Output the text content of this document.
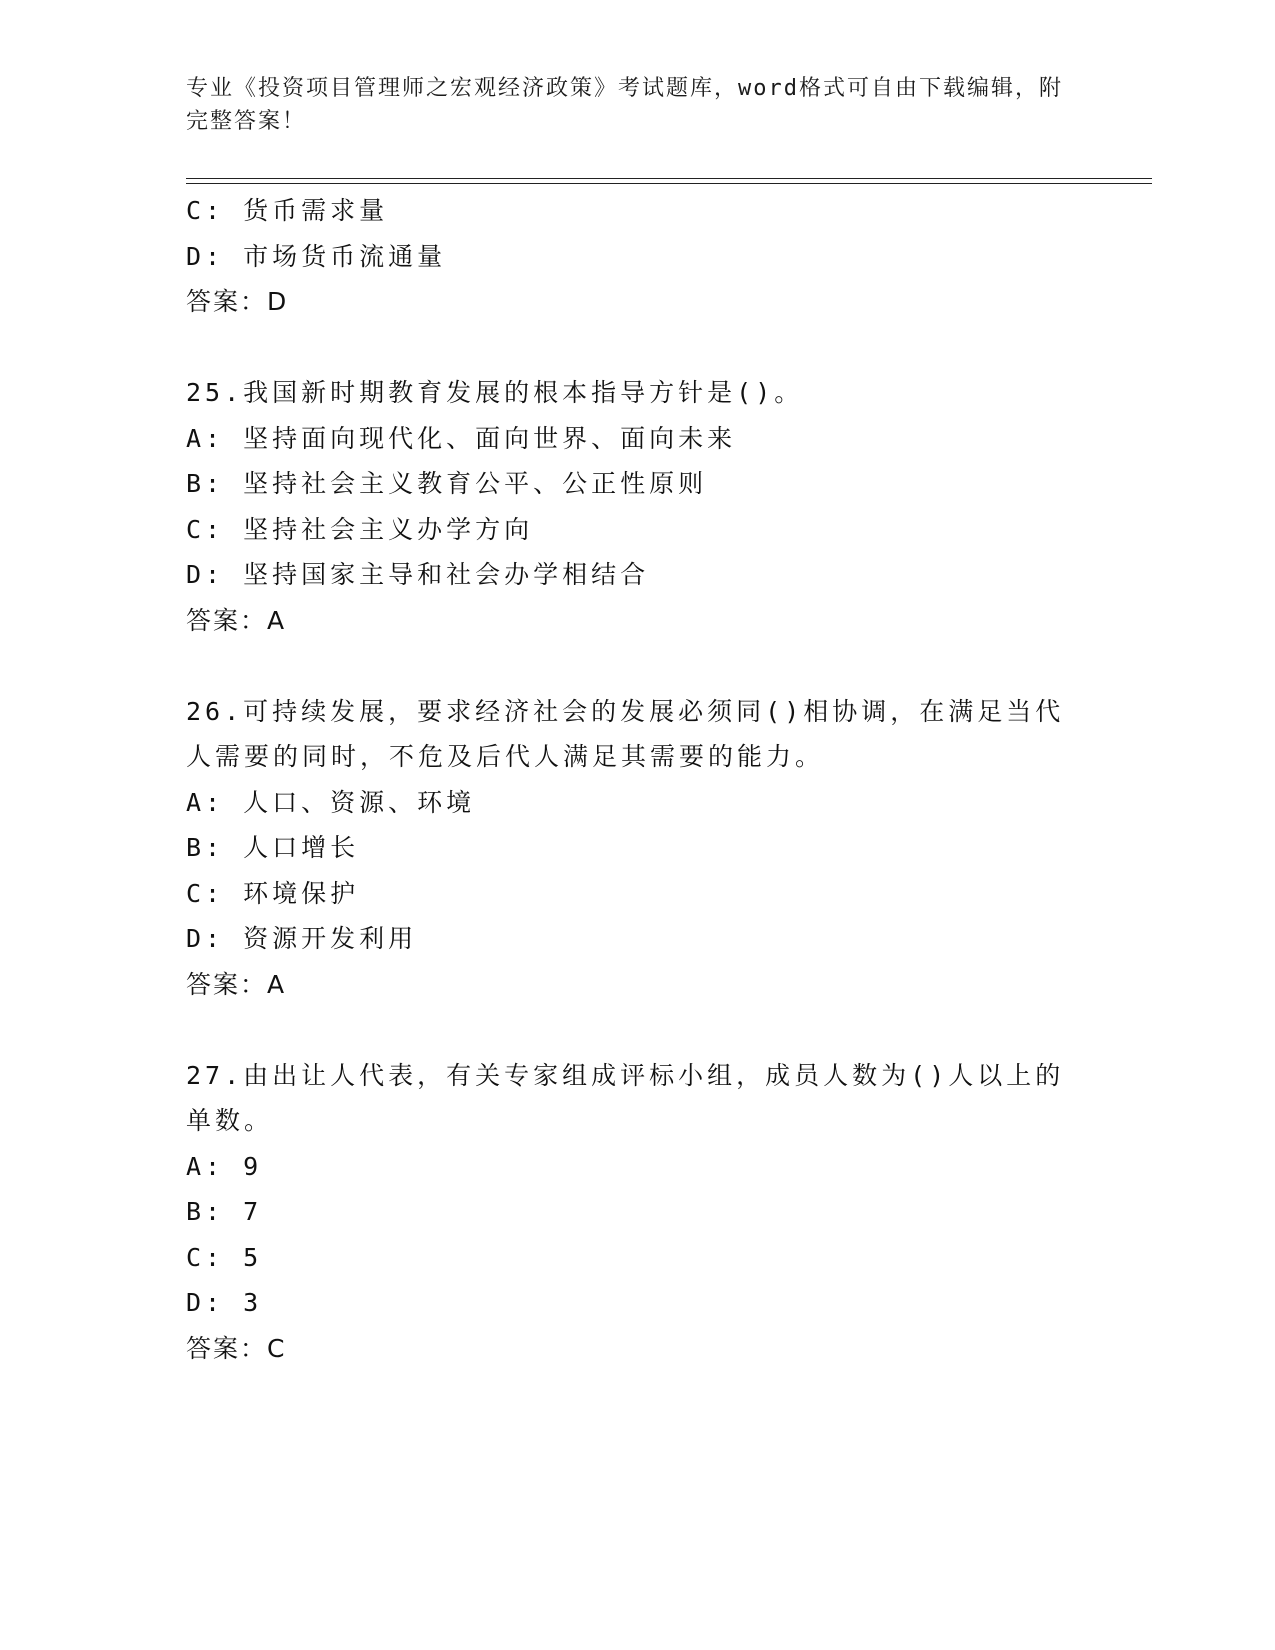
专业《投资项目管理师之宏观经济政策》考试题库，word格式可自由下载编辑，附完整答案！
C: 货币需求量
D: 市场货币流通量
答案：D
25.我国新时期教育发展的根本指导方针是()。
A: 坚持面向现代化、面向世界、面向未来
B: 坚持社会主义教育公平、公正性原则
C: 坚持社会主义办学方向
D: 坚持国家主导和社会办学相结合
答案：A
26.可持续发展，要求经济社会的发展必须同()相协调，在满足当代人需要的同时，不危及后代人满足其需要的能力。
A: 人口、资源、环境
B: 人口增长
C: 环境保护
D: 资源开发利用
答案：A
27.由出让人代表，有关专家组成评标小组，成员人数为()人以上的单数。
A: 9
B: 7
C: 5
D: 3
答案：C
